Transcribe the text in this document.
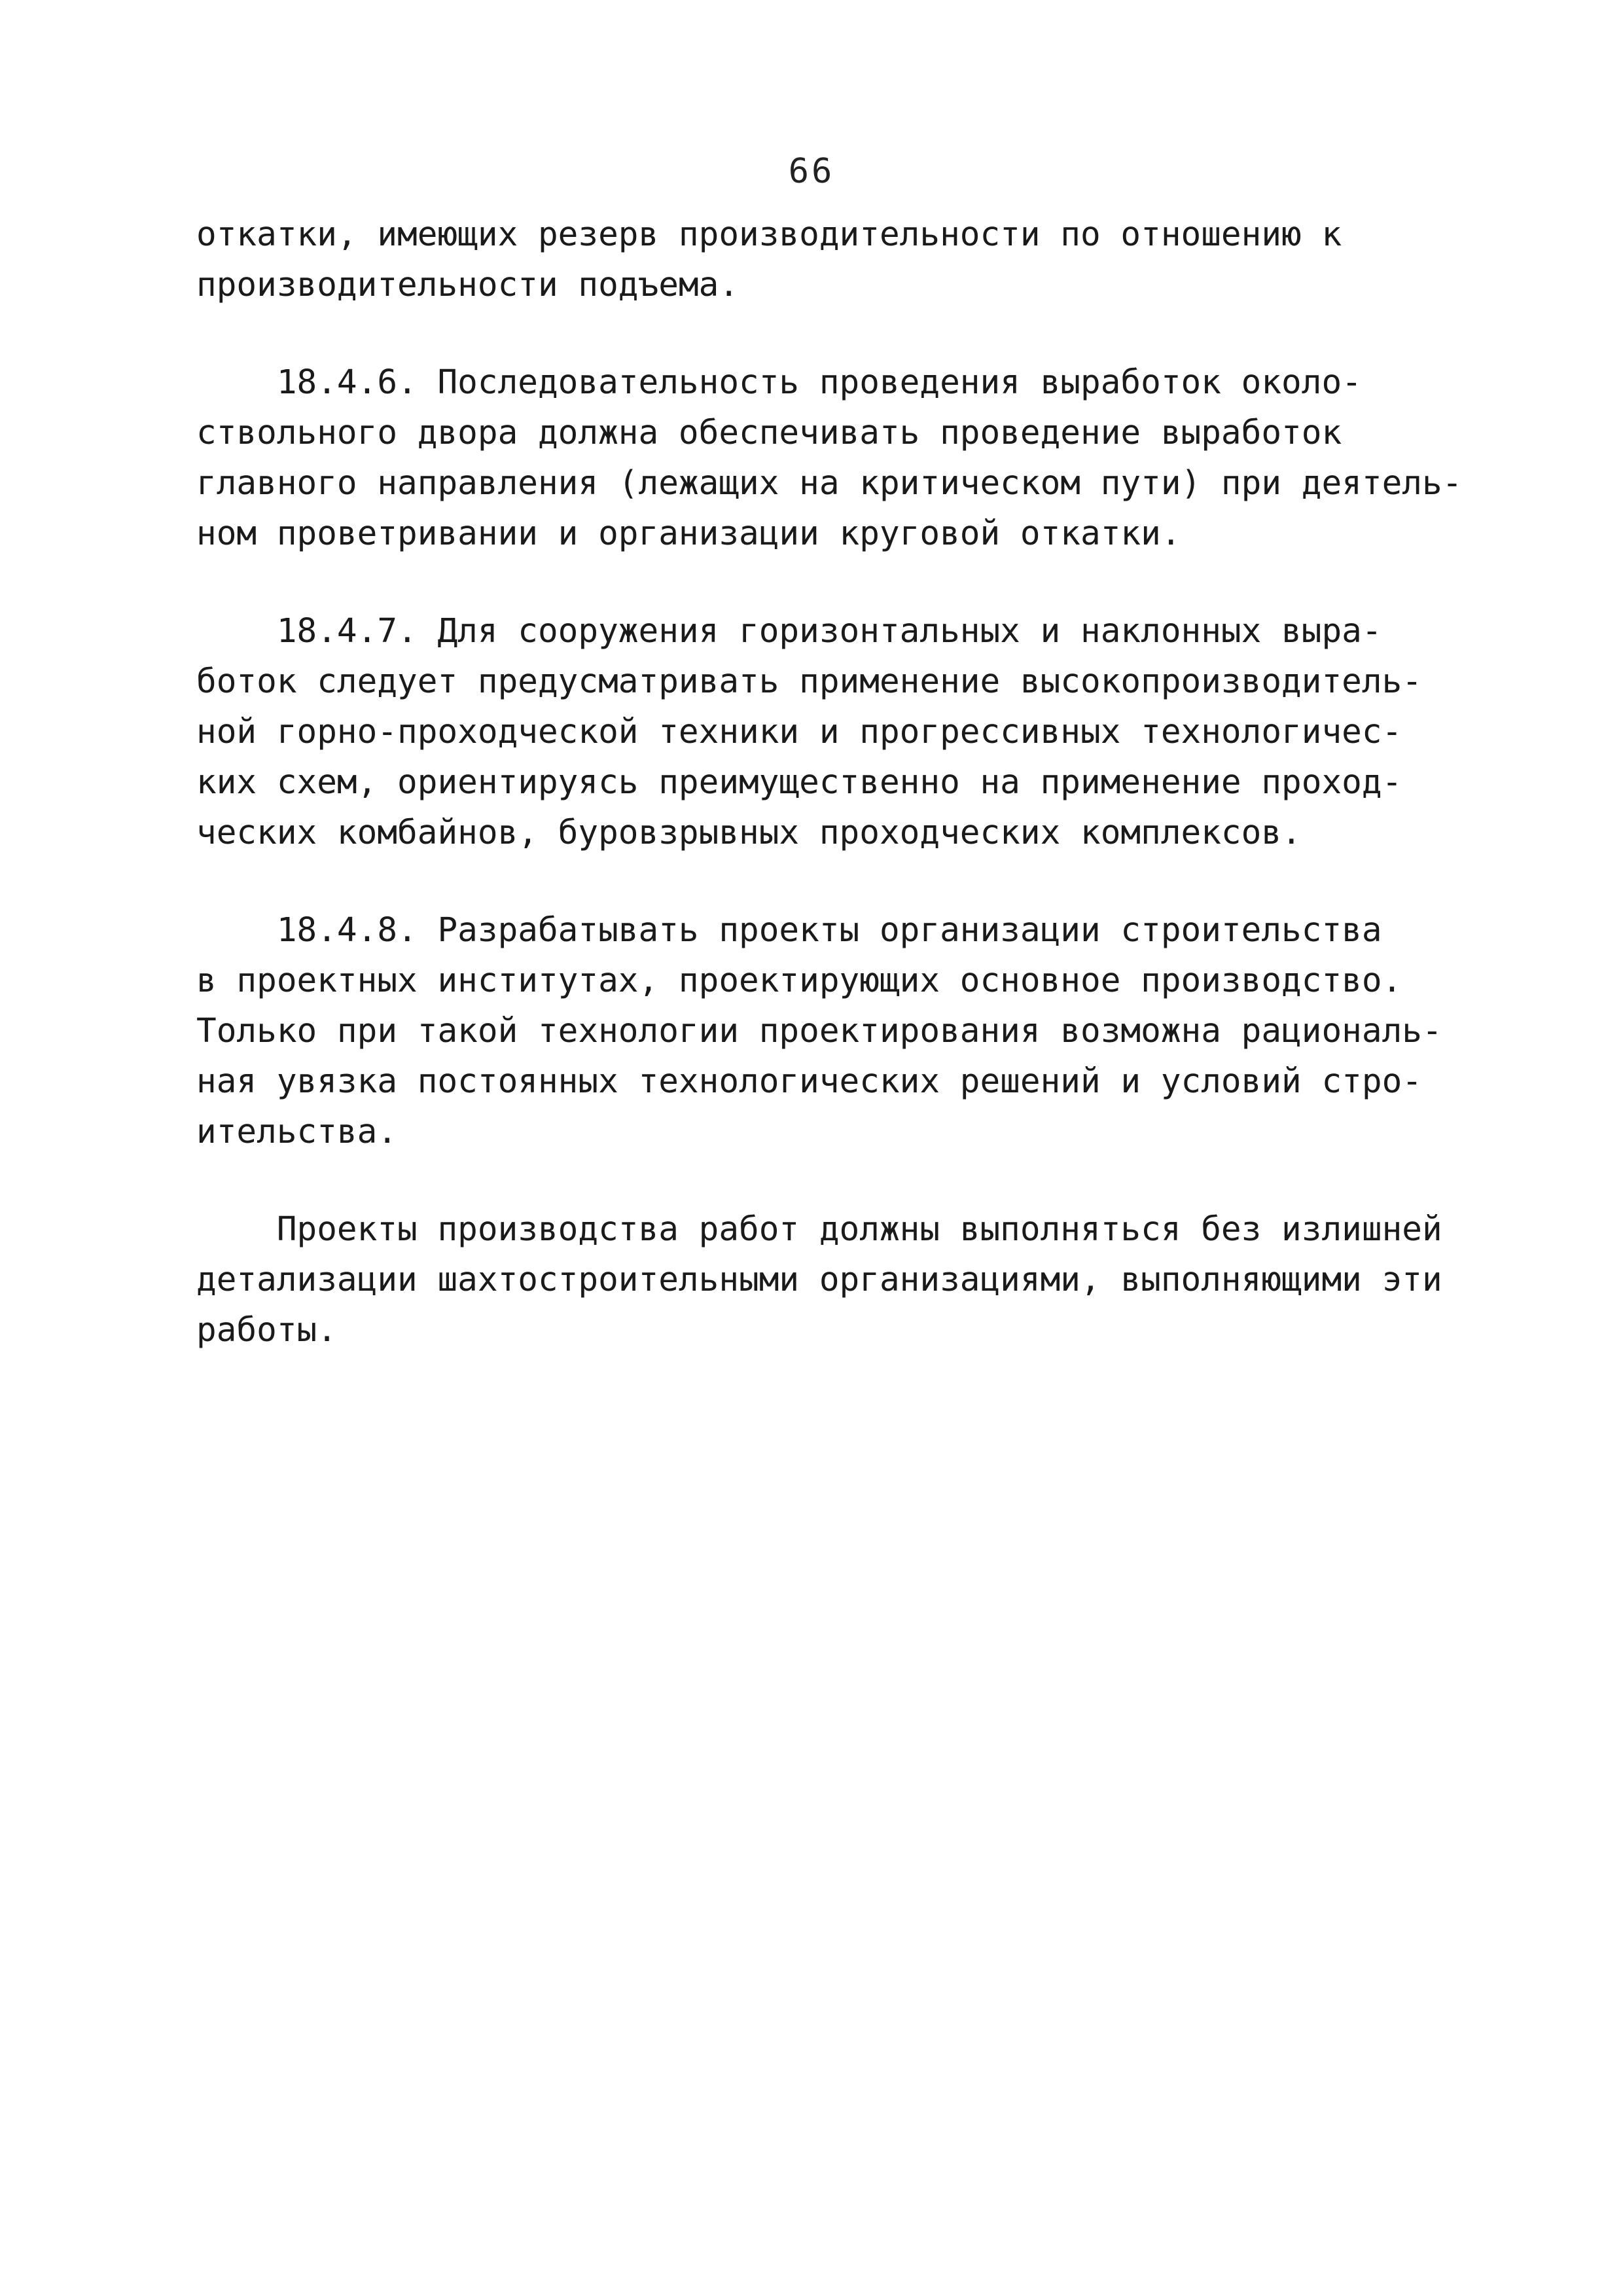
66
откатки, имеющих резерв производительности по отношению к
производительности подъема.
18.4.6. Последовательность проведения выработок около-
ствольного двора должна обеспечивать проведение выработок
главного направления (лежащих на критическом пути) при деятель-
ном проветривании и организации круговой откатки.
18.4.7. Для сооружения горизонтальных и наклонных выра-
боток следует предусматривать применение высокопроизводитель-
ной горно-проходческой техники и прогрессивных технологичес-
ких схем, ориентируясь преимущественно на применение проход-
ческих комбайнов, буровзрывных проходческих комплексов.
18.4.8. Разрабатывать проекты организации строительства
в проектных институтах, проектирующих основное производство.
Только при такой технологии проектирования возможна рациональ-
ная увязка постоянных технологических решений и условий стро-
ительства.
Проекты производства работ должны выполняться без излишней
детализации шахтостроительными организациями, выполняющими эти
работы.
